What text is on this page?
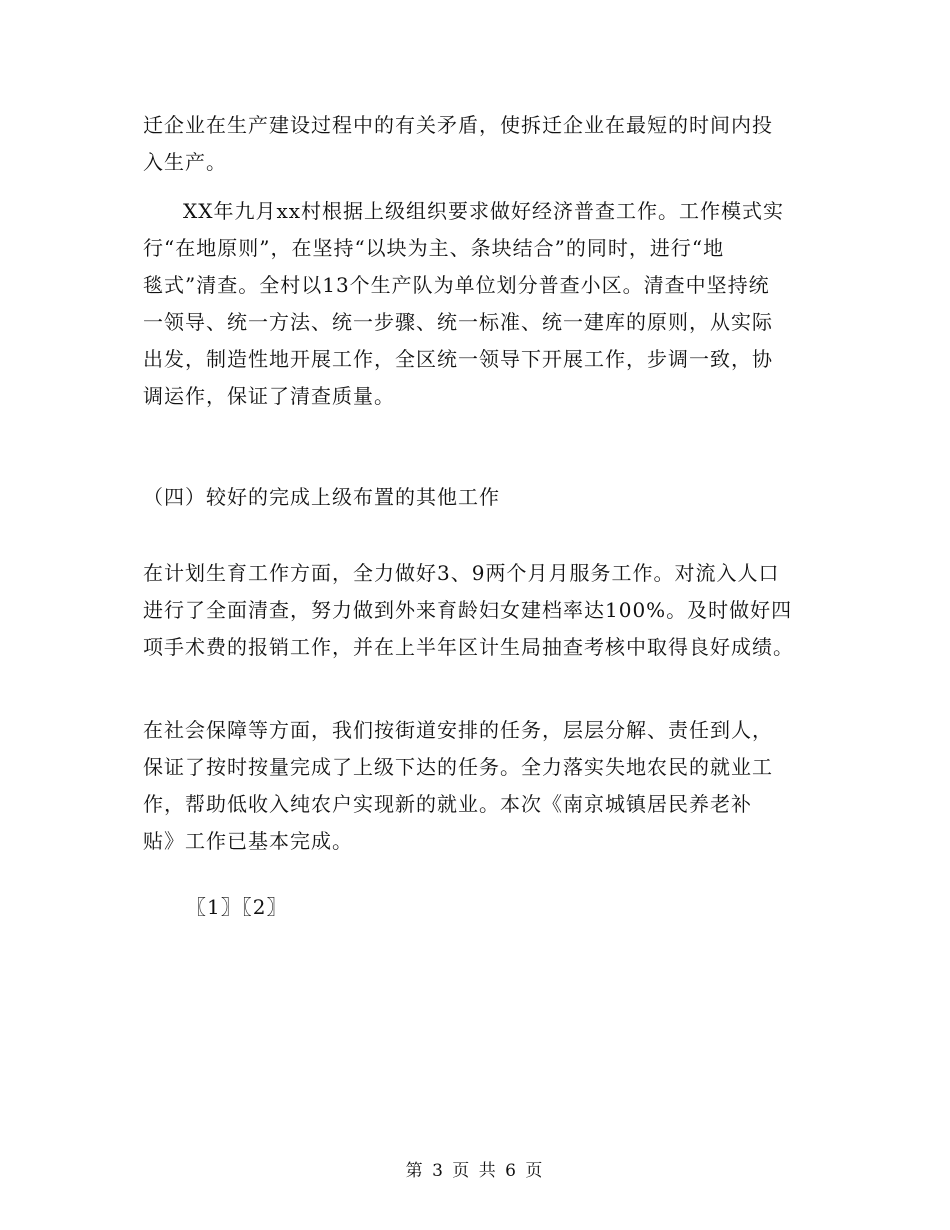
迁企业在生产建设过程中的有关矛盾，使拆迁企业在最短的时间内投
入生产。
XX年九月xx村根据上级组织要求做好经济普查工作。工作模式实
行“在地原则”，在坚持“以块为主、条块结合”的同时，进行“地
毯式”清查。全村以13个生产队为单位划分普查小区。清查中坚持统
一领导、统一方法、统一步骤、统一标准、统一建库的原则，从实际
出发，制造性地开展工作，全区统一领导下开展工作，步调一致，协
调运作，保证了清查质量。
（四）较好的完成上级布置的其他工作
在计划生育工作方面，全力做好3、9两个月月服务工作。对流入人口
进行了全面清查，努力做到外来育龄妇女建档率达100%。及时做好四
项手术费的报销工作，并在上半年区计生局抽查考核中取得良好成绩。
在社会保障等方面，我们按街道安排的任务，层层分解、责任到人，
保证了按时按量完成了上级下达的任务。全力落实失地农民的就业工
作，帮助低收入纯农户实现新的就业。本次《南京城镇居民养老补
贴》工作已基本完成。
〖1〗〖2〗
第 3 页 共 6 页
